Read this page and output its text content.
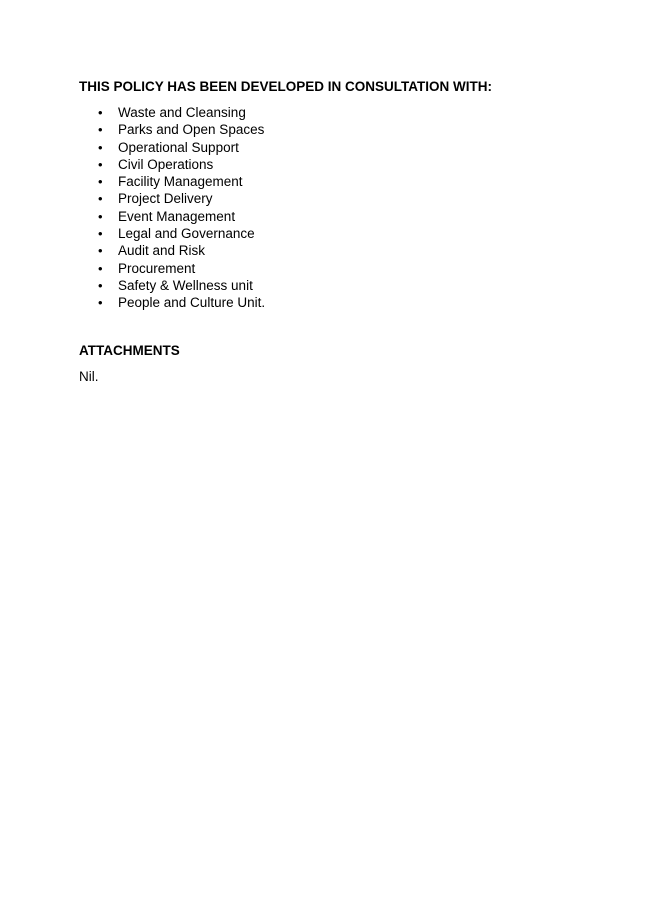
THIS POLICY HAS BEEN DEVELOPED IN CONSULTATION WITH:
•	Waste and Cleansing
•	Parks and Open Spaces
•	Operational Support
•	Civil Operations
•	Facility Management
•	Project Delivery
•	Event Management
•	Legal and Governance
•	Audit and Risk
•	Procurement
•	Safety & Wellness unit
•	People and Culture Unit.
ATTACHMENTS
Nil.
